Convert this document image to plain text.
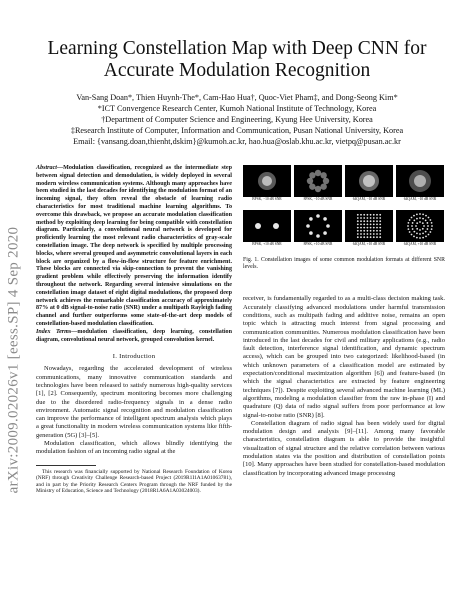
arXiv:2009.02026v1 [eess.SP] 4 Sep 2020
Learning Constellation Map with Deep CNN for
Accurate Modulation Recognition
Van-Sang Doan*, Thien Huynh-The*, Cam-Hao Hua†, Quoc-Viet Pham‡, and Dong-Seong Kim*
*ICT Convergence Research Center, Kumoh National Institute of Technology, Korea
†Department of Computer Science and Engineering, Kyung Hee University, Korea
‡Research Institute of Computer, Information and Communication, Pusan National University, Korea
Email: {vansang.doan,thienht,dskim}@kumoh.ac.kr, hao.hua@oslab.khu.ac.kr, vietpq@pusan.ac.kr

Abstract—Modulation classification, recognized as the intermediate step between signal detection and demodulation, is widely deployed in several modern wireless communication systems. Although many approaches have been studied in the last decades for identifying the modulation format of an incoming signal, they often reveal the obstacle of learning radio characteristics for most traditional machine learning algorithms. To overcome this drawback, we propose an accurate modulation classification method by exploiting deep learning for being compatible with constellation diagram. Particularly, a convolutional neural network is developed for proficiently learning the most relevant radio characteristics of gray-scale constellation image. The deep network is specified by multiple processing blocks, where several grouped and asymmetric convolutional layers in each block are organized by a flow-in-flow structure for feature enrichment. These blocks are connected via skip-connection to prevent the vanishing gradient problem while effectively preserving the information identify throughout the network. Regarding several intensive simulations on the constellation image dataset of eight digital modulations, the proposed deep network achieves the remarkable classification accuracy of approximately 87% at 0 dB signal-to-noise ratio (SNR) under a multipath Rayleigh fading channel and further outperforms some state-of-the-art deep models of constellation-based modulation classification.

Index Terms—modulation classification, deep learning, constellation diagram, convolutional neural network, grouped convolution kernel.

I. Introduction

Nowadays, regarding the accelerated development of wireless communications, many innovative communication standards and technologies have been released to satisfy numerous high-quality services [1], [2]. Consequently, spectrum monitoring becomes more challenging due to the disordered radio-frequency signals in a dense radio environment. Automatic signal recognition and modulation classification can improve the performance of intelligent spectrum analysis which plays a great functionality in modern wireless communication systems like fifth-generation (5G) [3]–[5].

Modulation classification, which allows blindly identifying the modulation fashion of an incoming radio signal at the

This research was financially supported by National Research Foundation of Korea (NRF) through Creativity Challenge Research-based Project (2019R1I1A1A01063781), and in part by the Priority Research Centers Program through the NRF funded by the Ministry of Education, Science and Technology (2018R1A6A1A03024003).

BPSK, −10 dB SNR	8PSK, −10 dB SNR	64QAM, −10 dB SNR	64QAM, −10 dB SNR
BPSK, +10 dB SNR	8PSK, +10 dB SNR	64QAM, +10 dB SNR	64QAM, +10 dB SNR

Fig. 1. Constellation images of some common modulation formats at different SNR levels.

receiver, is fundamentally regarded to as a multi-class decision making task. Accurately classifying advanced modulations under harmful transmission conditions, such as multipath fading and additive noise, remains an open topic which is attracting much interest from signal processing and communication communities. Numerous modulation classification have been introduced in the last decades for civil and military applications (e.g., radio fault detection, interference signal identification, and dynamic spectrum access), which can be grouped into two categorized: likelihood-based (in which unknown parameters of a classification model are estimated by expectation/conditional maximization algorithm [6]) and feature-based (in which the signal characteristics are extracted by feature engineering techniques [7]). Despite exploiting several advanced machine learning (ML) algorithms, modeling a modulation classifier from the raw in-phase (I) and quadrature (Q) data of radio signal suffers from poor performance at low signal-to-noise ratio (SNR) [8].

Constellation diagram of radio signal has been widely used for digital modulation design and analysis [9]–[11]. Among many favorable characteristics, constellation diagram is able to provide the insightful visualization of signal structure and the relative correlation between various modulation states via the position and distribution of constellation points [10]. Many approaches have been studied for constellation-based modulation classification by incorporating advanced image processing
